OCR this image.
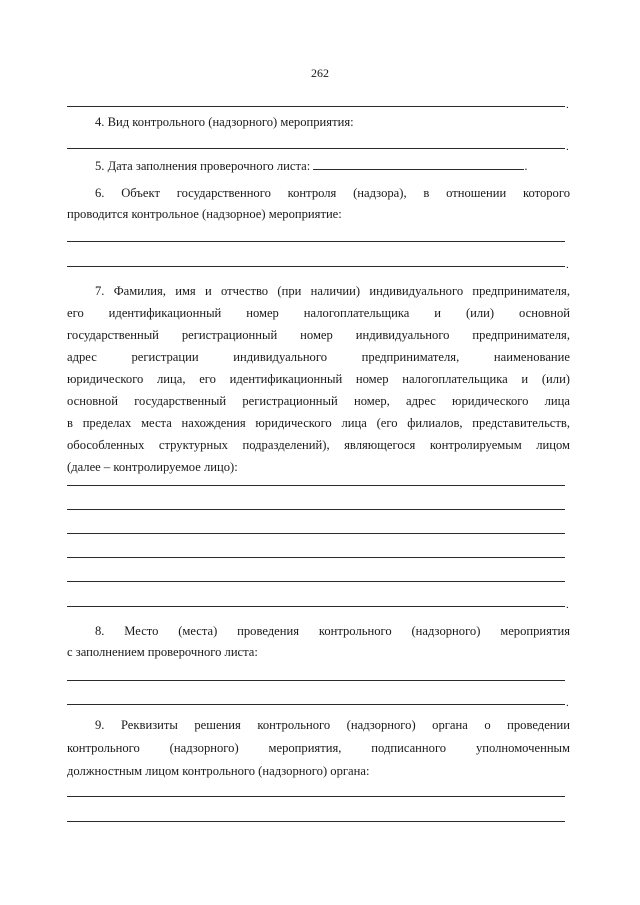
262
.
4. Вид контрольного (надзорного) мероприятия:
.
5. Дата заполнения проверочного листа:	.
6. Объект государственного контроля (надзора), в отношении которого
проводится контрольное (надзорное) мероприятие:
.
7. Фамилия, имя и отчество (при наличии) индивидуального предпринимателя,
его идентификационный номер налогоплательщика и (или) основной
государственный регистрационный номер индивидуального предпринимателя,
адрес регистрации индивидуального предпринимателя, наименование
юридического лица, его идентификационный номер налогоплательщика и (или)
основной государственный регистрационный номер, адрес юридического лица
в пределах места нахождения юридического лица (его филиалов, представительств,
обособленных структурных подразделений), являющегося контролируемым лицом
(далее – контролируемое лицо):
.
8. Место (места) проведения контрольного (надзорного) мероприятия
с заполнением проверочного листа:
.
9. Реквизиты решения контрольного (надзорного) органа о проведении
контрольного (надзорного) мероприятия, подписанного уполномоченным
должностным лицом контрольного (надзорного) органа:
